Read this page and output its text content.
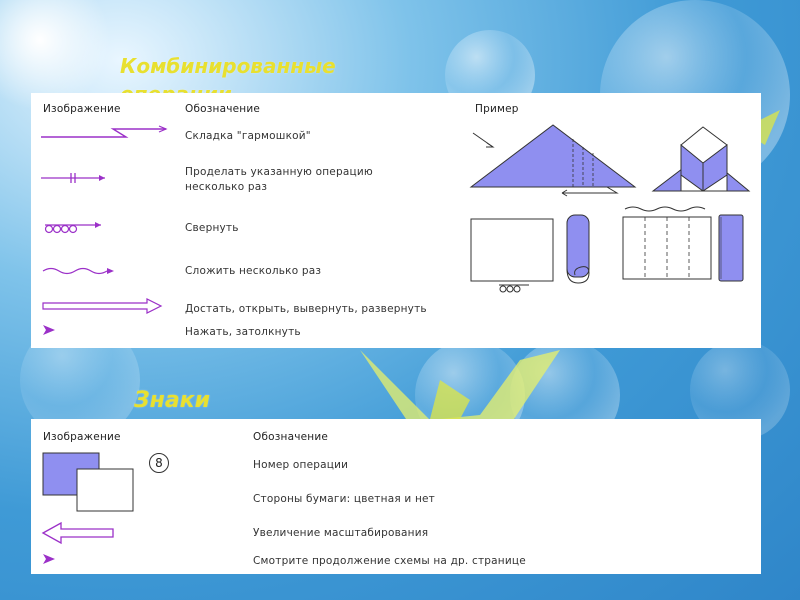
Комбинированные
Изображение	Обозначение	Пример
Складка "гармошкой"
Проделать указанную операцию
несколько раз
Свернуть
Сложить несколько раз
Достать, открыть, вывернуть, развернуть
Нажать, затолкнуть
Знаки
Изображение	Обозначение
8	Номер операции
Стороны бумаги: цветная и нет
Увеличение масштабирования
Смотрите продолжение схемы на др. странице
